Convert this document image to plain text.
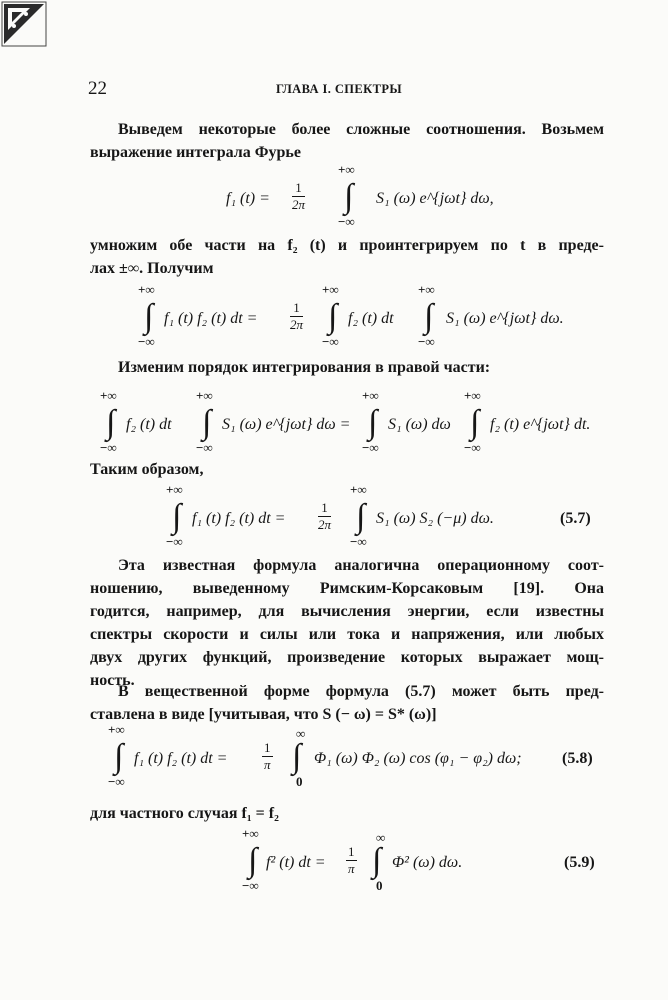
22	ГЛАВА I. СПЕКТРЫ
Выведем некоторые более сложные соотношения. Возьмем
выражение интеграла Фурье
f₁ $(t) = \frac{1}{2\pi}$
+∞
∫
−∞
S₁ (ω) e^{jωt} dω,
умножим обе части на f₂ (t) и проинтегрируем по t в преде-
лах ±∞. Получим
+∞
∫
−∞
f₁ (t) f₂ (t) dt =	$\frac{1}{2\pi}$
+∞
∫
−∞
f₂ (t) dt
+∞
∫
−∞
S₁ (ω) e^{jωt} dω.
Изменим порядок интегрирования в правой части:
+∞
∫
−∞
f₂ (t) dt
+∞
∫
−∞
S₁ (ω) e^{jωt} dω =
+∞
∫
−∞
S₁ (ω) dω
+∞
∫
−∞
f₂ (t) e^{jωt} dt.
Таким образом,
+∞
∫
−∞
f₁ (t) f₂ (t) dt =	$\frac{1}{2\pi}$
+∞
∫
−∞
S₁ (ω) S₂ (−μ) dω.	(5.7)
Эта известная формула аналогична операционному соот-
ношению, выведенному Римским-Корсаковым [19]. Она
годится, например, для вычисления энергии, если известны
спектры скорости и силы или тока и напряжения, или любых
двух других функций, произведение которых выражает мощ-
ность.
В вещественной форме формула (5.7) может быть пред-
ставлена в виде [учитывая, что S (− ω) = S* (ω)]
+∞
∫
−∞
f₁ (t) f₂ (t) dt =	$\frac{1}{\pi}$
∞
∫
0
Φ₁ (ω) Φ₂ (ω) cos (φ₁ − φ₂) dω;	(5.8)
для частного случая f₁ = f₂
+∞
∫
−∞
f² (t) dt = $\frac{1}{\pi}$
∞
∫
0
Φ² (ω) dω.	(5.9)
